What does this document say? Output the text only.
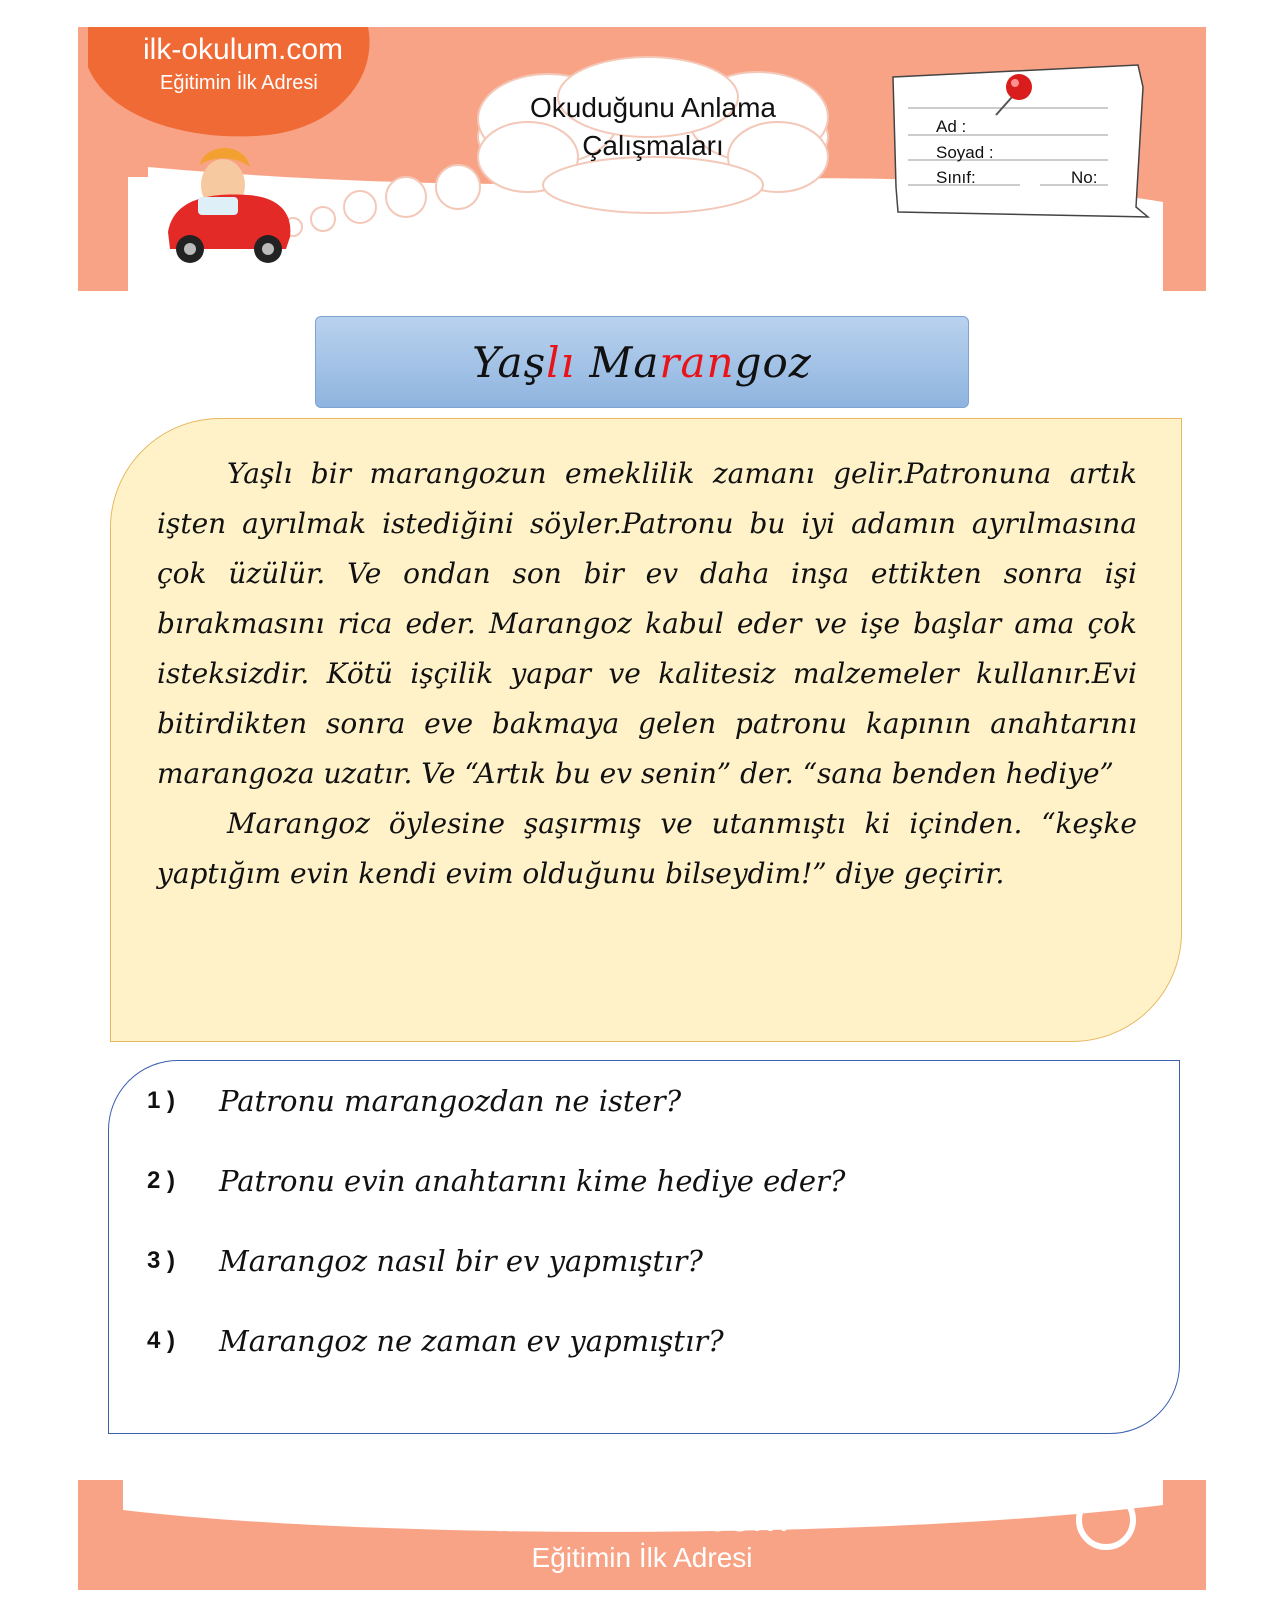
ilk-okulum.com
Eğitimin İlk Adresi
Okuduğunu Anlama
Çalışmaları
Ad :
Soyad :
Sınıf:	No:
Yaşlı Marangoz

Yaşlı bir marangozun emeklilik zamanı gelir.Patronuna artık işten ayrılmak istediğini söyler.Patronu bu iyi adamın ayrılmasına çok üzülür. Ve ondan son bir ev daha inşa ettikten sonra işi bırakmasını rica eder. Marangoz kabul eder ve işe başlar ama çok isteksizdir. Kötü işçilik yapar ve kalitesiz malzemeler kullanır.Evi bitirdikten sonra eve bakmaya gelen patronu kapının anahtarını marangoza uzatır. Ve “Artık bu ev senin” der. “sana benden hediye”

Marangoz öylesine şaşırmış ve utanmıştı ki içinden. “keşke yaptığım evin kendi evim olduğunu bilseydim!” diye geçirir.

1 )	Patronu marangozdan ne ister?
2 )	Patronu evin anahtarını kime hediye eder?
3 )	Marangoz nasıl bir ev yapmıştır?
4 )	Marangoz ne zaman ev yapmıştır?
ilk-okulum.com
Eğitimin İlk Adresi
